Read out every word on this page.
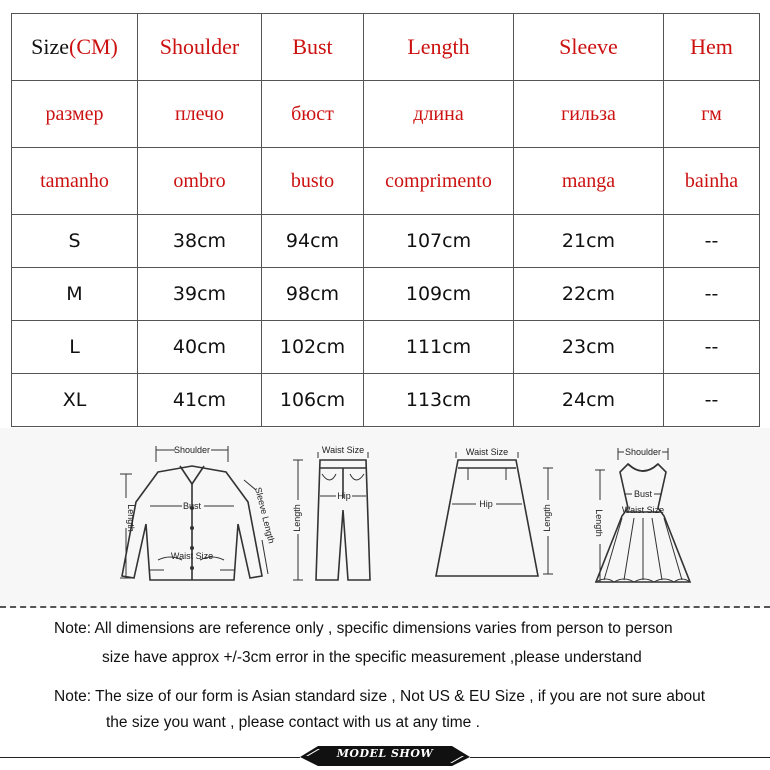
Size(CM)	Shoulder	Bust	Length	Sleeve	Hem
размер	плечо	бюст	длина	гильза	гм
tamanho	ombro	busto	comprimento	manga	bainha
S	38cm	94cm	107cm	21cm	--
M	39cm	98cm	109cm	22cm	--
L	40cm	102cm	111cm	23cm	--
XL	41cm	106cm	113cm	24cm	--
Shoulder
Bust
Waist Size
Length	Sleeve Length
Waist Size
Hip
Length
Waist Size
Hip
Length
Shoulder
Bust
Waist Size
Length
Note: All dimensions are reference only , specific dimensions varies from person to person
size have approx +/-3cm error in the specific measurement ,please understand
Note: The size of our form is Asian standard size , Not US & EU Size , if you are not sure about
the size you want , please contact with us at any time .
MODEL SHOW
